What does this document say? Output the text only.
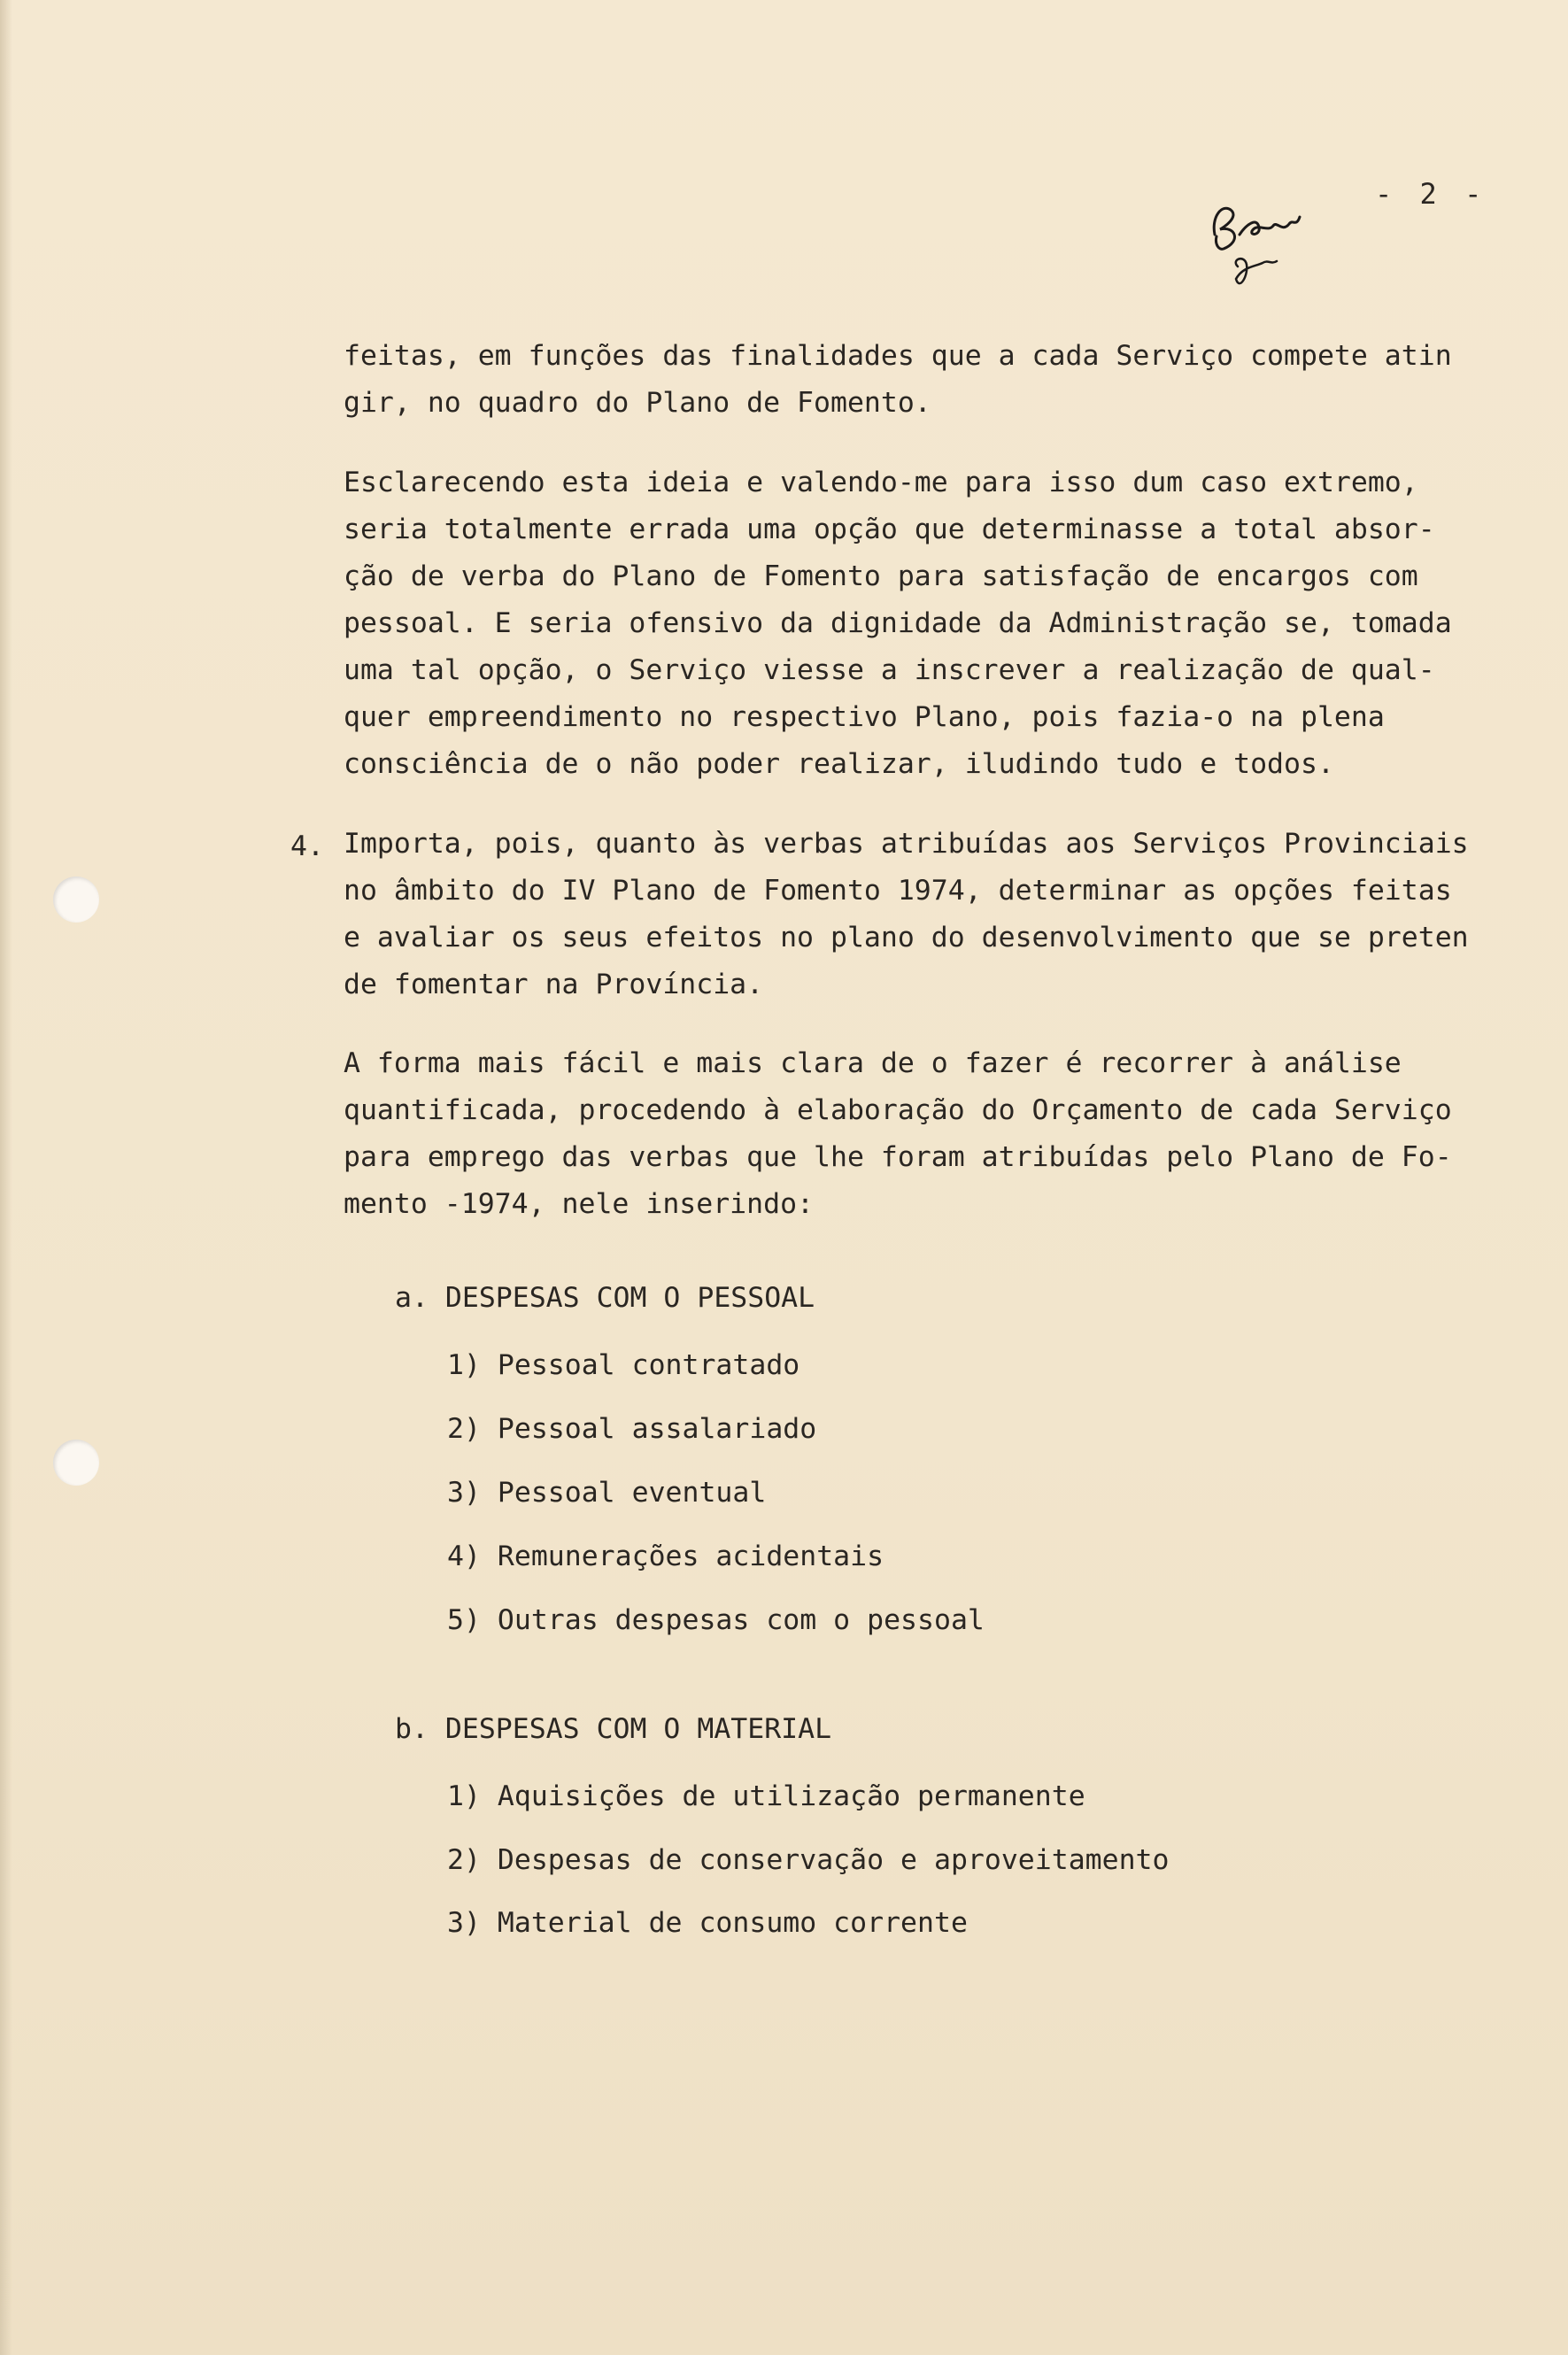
- 2 -
feitas, em funções das finalidades que a cada Serviço compete atin
gir, no quadro do Plano de Fomento.
Esclarecendo esta ideia e valendo-me para isso dum caso extremo,
seria totalmente errada uma opção que determinasse a total absor-
ção de verba do Plano de Fomento para satisfação de encargos com
pessoal. E seria ofensivo da dignidade da Administração se, tomada
uma tal opção, o Serviço viesse a inscrever a realização de qual-
quer empreendimento no respectivo Plano, pois fazia-o na plena
consciência de o não poder realizar, iludindo tudo e todos.
4. Importa, pois, quanto às verbas atribuídas aos Serviços Provinciais
no âmbito do IV Plano de Fomento 1974, determinar as opções feitas
e avaliar os seus efeitos no plano do desenvolvimento que se preten
de fomentar na Província.
A forma mais fácil e mais clara de o fazer é recorrer à análise
quantificada, procedendo à elaboração do Orçamento de cada Serviço
para emprego das verbas que lhe foram atribuídas pelo Plano de Fo-
mento -1974, nele inserindo:
a. DESPESAS COM O PESSOAL
1) Pessoal contratado
2) Pessoal assalariado
3) Pessoal eventual
4) Remunerações acidentais
5) Outras despesas com o pessoal
b. DESPESAS COM O MATERIAL
1) Aquisições de utilização permanente
2) Despesas de conservação e aproveitamento
3) Material de consumo corrente
